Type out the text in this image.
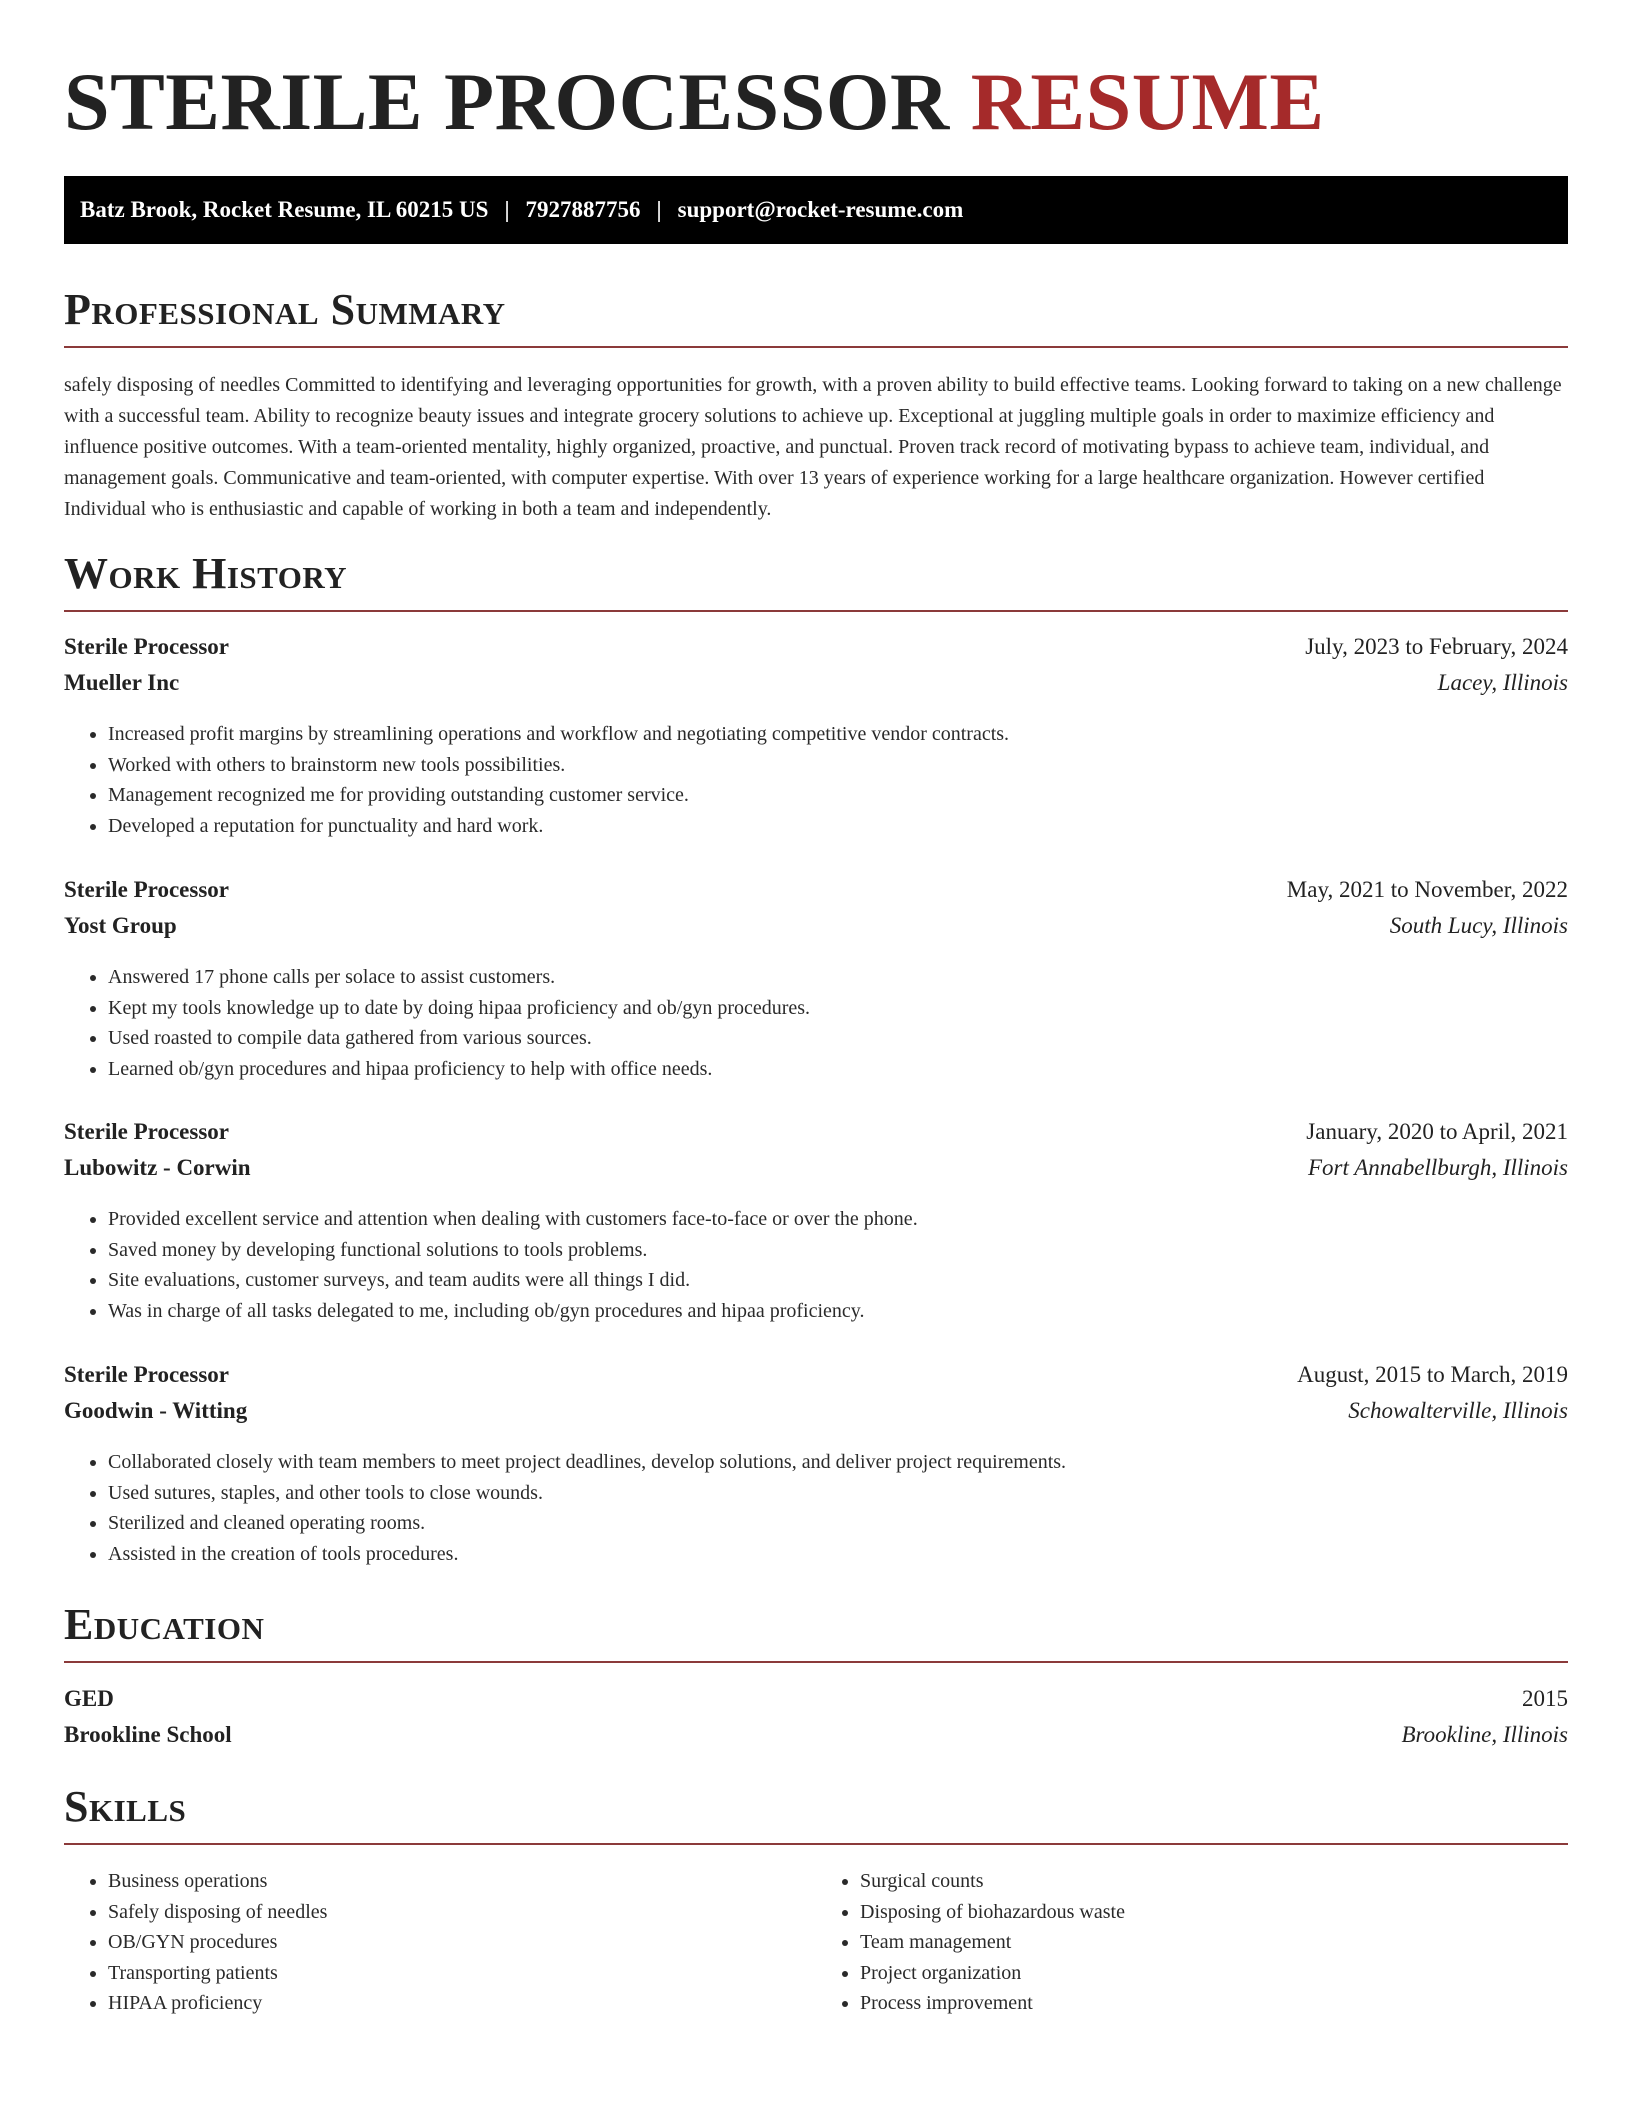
STERILE PROCESSOR RESUME
Batz Brook, Rocket Resume, IL 60215 US | 7927887756 | support@rocket-resume.com
Professional Summary

safely disposing of needles Committed to identifying and leveraging opportunities for growth, with a proven ability to build effective teams. Looking forward to taking on a new challenge with a successful team. Ability to recognize beauty issues and integrate grocery solutions to achieve up. Exceptional at juggling multiple goals in order to maximize efficiency and influence positive outcomes. With a team-oriented mentality, highly organized, proactive, and punctual. Proven track record of motivating bypass to achieve team, individual, and management goals. Communicative and team-oriented, with computer expertise. With over 13 years of experience working for a large healthcare organization. However certified Individual who is enthusiastic and capable of working in both a team and independently.

Work History
Sterile Processor	July, 2023 to February, 2024
Mueller Inc	Lacey, Illinois
• Increased profit margins by streamlining operations and workflow and negotiating competitive vendor contracts.
• Worked with others to brainstorm new tools possibilities.
• Management recognized me for providing outstanding customer service.
• Developed a reputation for punctuality and hard work.
Sterile Processor	May, 2021 to November, 2022
Yost Group	South Lucy, Illinois
• Answered 17 phone calls per solace to assist customers.
• Kept my tools knowledge up to date by doing hipaa proficiency and ob/gyn procedures.
• Used roasted to compile data gathered from various sources.
• Learned ob/gyn procedures and hipaa proficiency to help with office needs.
Sterile Processor	January, 2020 to April, 2021
Lubowitz - Corwin	Fort Annabellburgh, Illinois
• Provided excellent service and attention when dealing with customers face-to-face or over the phone.
• Saved money by developing functional solutions to tools problems.
• Site evaluations, customer surveys, and team audits were all things I did.
• Was in charge of all tasks delegated to me, including ob/gyn procedures and hipaa proficiency.
Sterile Processor	August, 2015 to March, 2019
Goodwin - Witting	Schowalterville, Illinois
• Collaborated closely with team members to meet project deadlines, develop solutions, and deliver project requirements.
• Used sutures, staples, and other tools to close wounds.
• Sterilized and cleaned operating rooms.
• Assisted in the creation of tools procedures.
Education
GED	2015
Brookline School	Brookline, Illinois
Skills
• Business operations
• Safely disposing of needles
• OB/GYN procedures
• Transporting patients
• HIPAA proficiency
• Surgical counts
• Disposing of biohazardous waste
• Team management
• Project organization
• Process improvement
